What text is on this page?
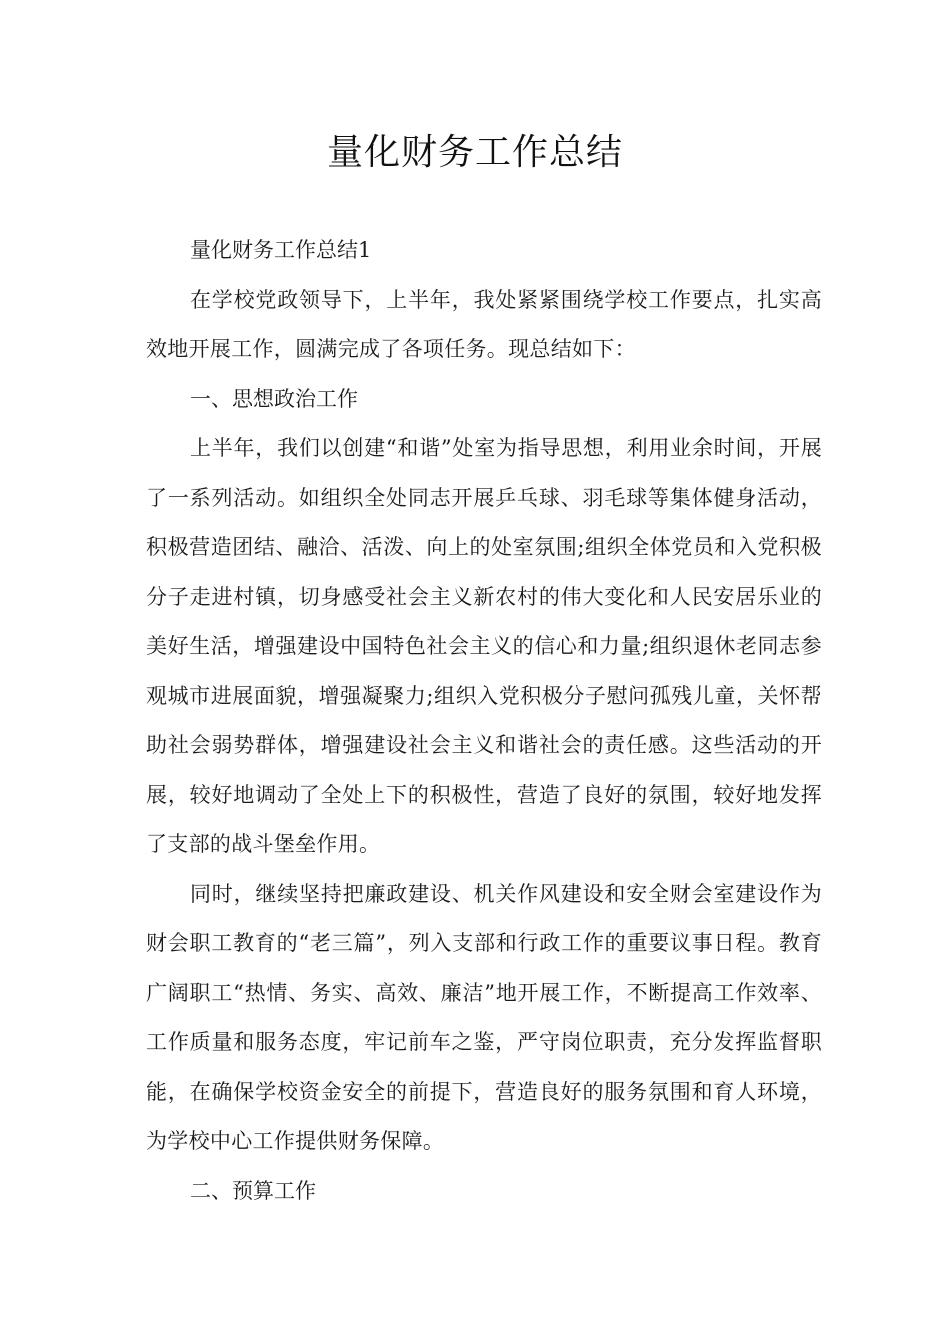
量化财务工作总结

量化财务工作总结1

在学校党政领导下，上半年，我处紧紧围绕学校工作要点，扎实高效地开展工作，圆满完成了各项任务。现总结如下：

一、思想政治工作

上半年，我们以创建“和谐”处室为指导思想，利用业余时间，开展了一系列活动。如组织全处同志开展乒乓球、羽毛球等集体健身活动，积极营造团结、融洽、活泼、向上的处室氛围;组织全体党员和入党积极分子走进村镇，切身感受社会主义新农村的伟大变化和人民安居乐业的美好生活，增强建设中国特色社会主义的信心和力量;组织退休老同志参观城市进展面貌，增强凝聚力;组织入党积极分子慰问孤残儿童，关怀帮助社会弱势群体，增强建设社会主义和谐社会的责任感。这些活动的开展，较好地调动了全处上下的积极性，营造了良好的氛围，较好地发挥了支部的战斗堡垒作用。

同时，继续坚持把廉政建设、机关作风建设和安全财会室建设作为财会职工教育的“老三篇”，列入支部和行政工作的重要议事日程。教育广阔职工“热情、务实、高效、廉洁”地开展工作，不断提高工作效率、工作质量和服务态度，牢记前车之鉴，严守岗位职责，充分发挥监督职能，在确保学校资金安全的前提下，营造良好的服务氛围和育人环境，为学校中心工作提供财务保障。

二、预算工作
